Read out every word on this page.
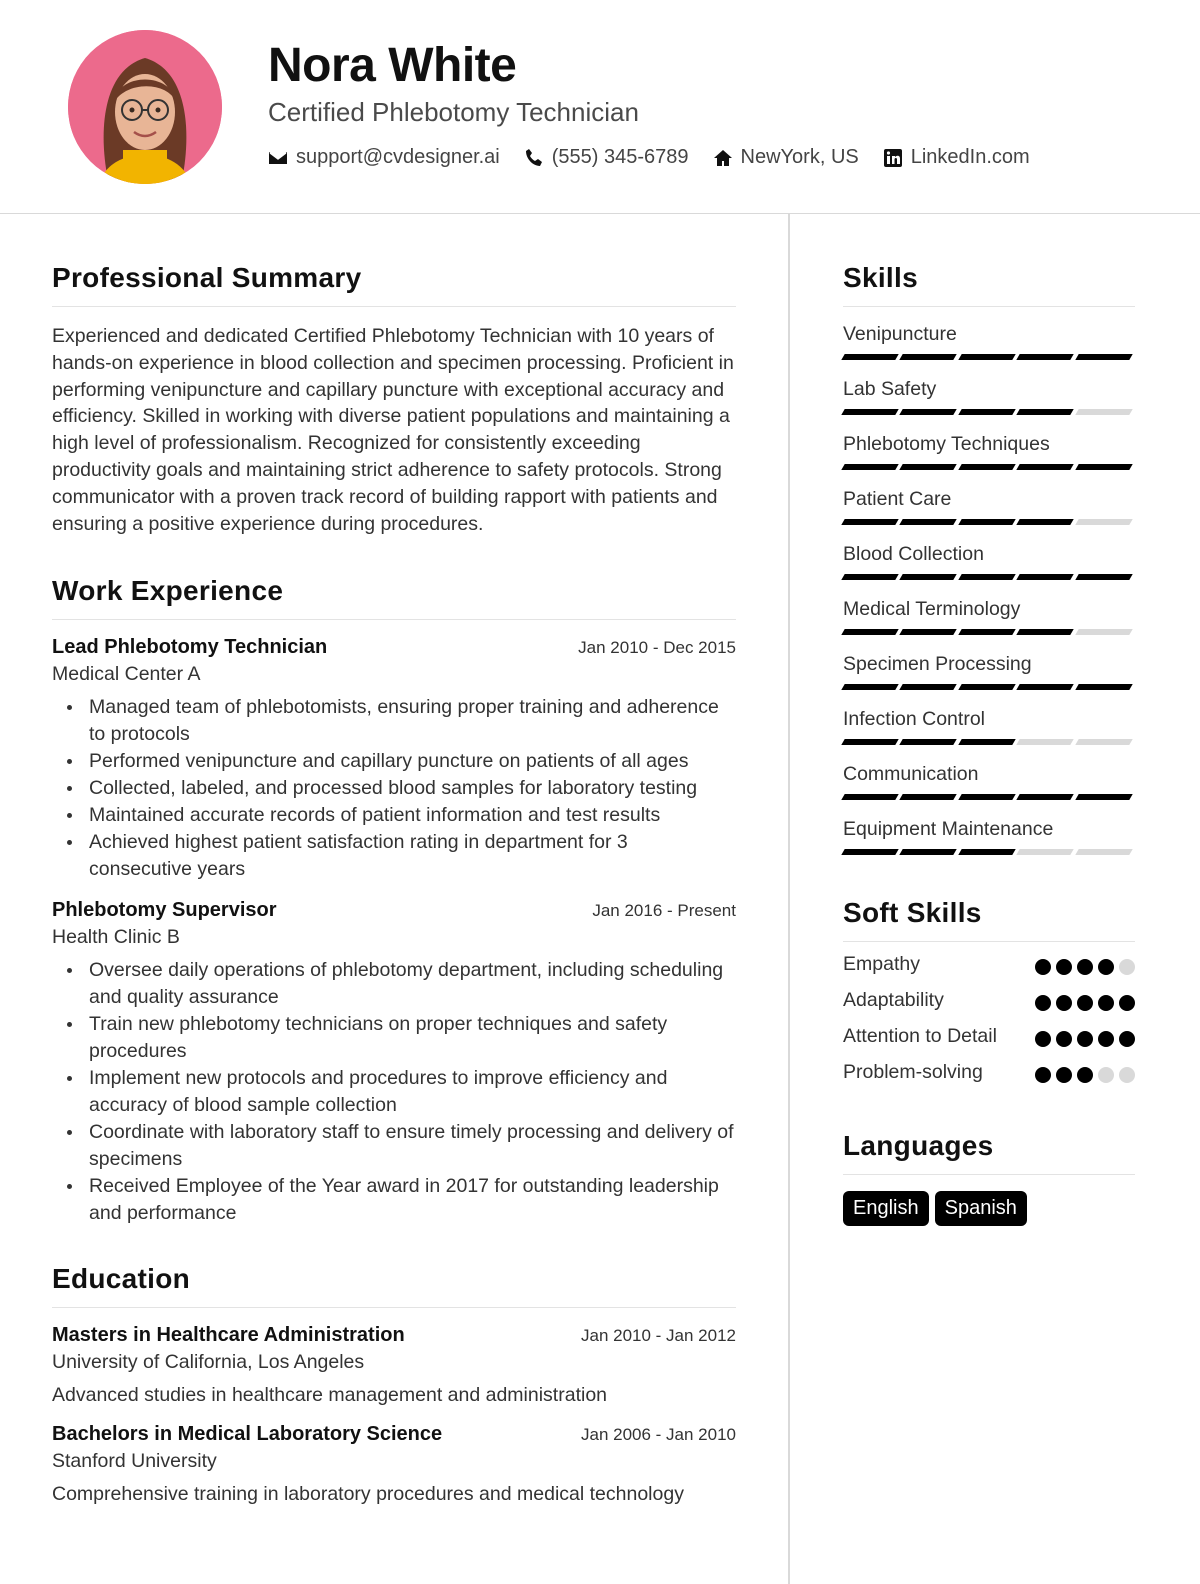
Nora White
Certified Phlebotomy Technician
support@cvdesigner.ai	(555) 345-6789	NewYork, US	LinkedIn.com
Professional Summary

Experienced and dedicated Certified Phlebotomy Technician with 10 years of hands-on experience in blood collection and specimen processing. Proficient in performing venipuncture and capillary puncture with exceptional accuracy and efficiency. Skilled in working with diverse patient populations and maintaining a high level of professionalism. Recognized for consistently exceeding productivity goals and maintaining strict adherence to safety protocols. Strong communicator with a proven track record of building rapport with patients and ensuring a positive experience during procedures.

Work Experience
Lead Phlebotomy Technician	Jan 2010 - Dec 2015
Medical Center A
Managed team of phlebotomists, ensuring proper training and adherence to protocols
Performed venipuncture and capillary puncture on patients of all ages
Collected, labeled, and processed blood samples for laboratory testing
Maintained accurate records of patient information and test results
Achieved highest patient satisfaction rating in department for 3 consecutive years
Phlebotomy Supervisor	Jan 2016 - Present
Health Clinic B
Oversee daily operations of phlebotomy department, including scheduling and quality assurance
Train new phlebotomy technicians on proper techniques and safety procedures
Implement new protocols and procedures to improve efficiency and accuracy of blood sample collection
Coordinate with laboratory staff to ensure timely processing and delivery of specimens
Received Employee of the Year award in 2017 for outstanding leadership and performance
Education
Masters in Healthcare Administration	Jan 2010 - Jan 2012
University of California, Los Angeles
Advanced studies in healthcare management and administration
Bachelors in Medical Laboratory Science	Jan 2006 - Jan 2010
Stanford University
Comprehensive training in laboratory procedures and medical technology
Skills
Venipuncture
Lab Safety
Phlebotomy Techniques
Patient Care
Blood Collection
Medical Terminology
Specimen Processing
Infection Control
Communication
Equipment Maintenance
Soft Skills
Empathy
Adaptability
Attention to Detail
Problem-solving
Languages
English	Spanish
